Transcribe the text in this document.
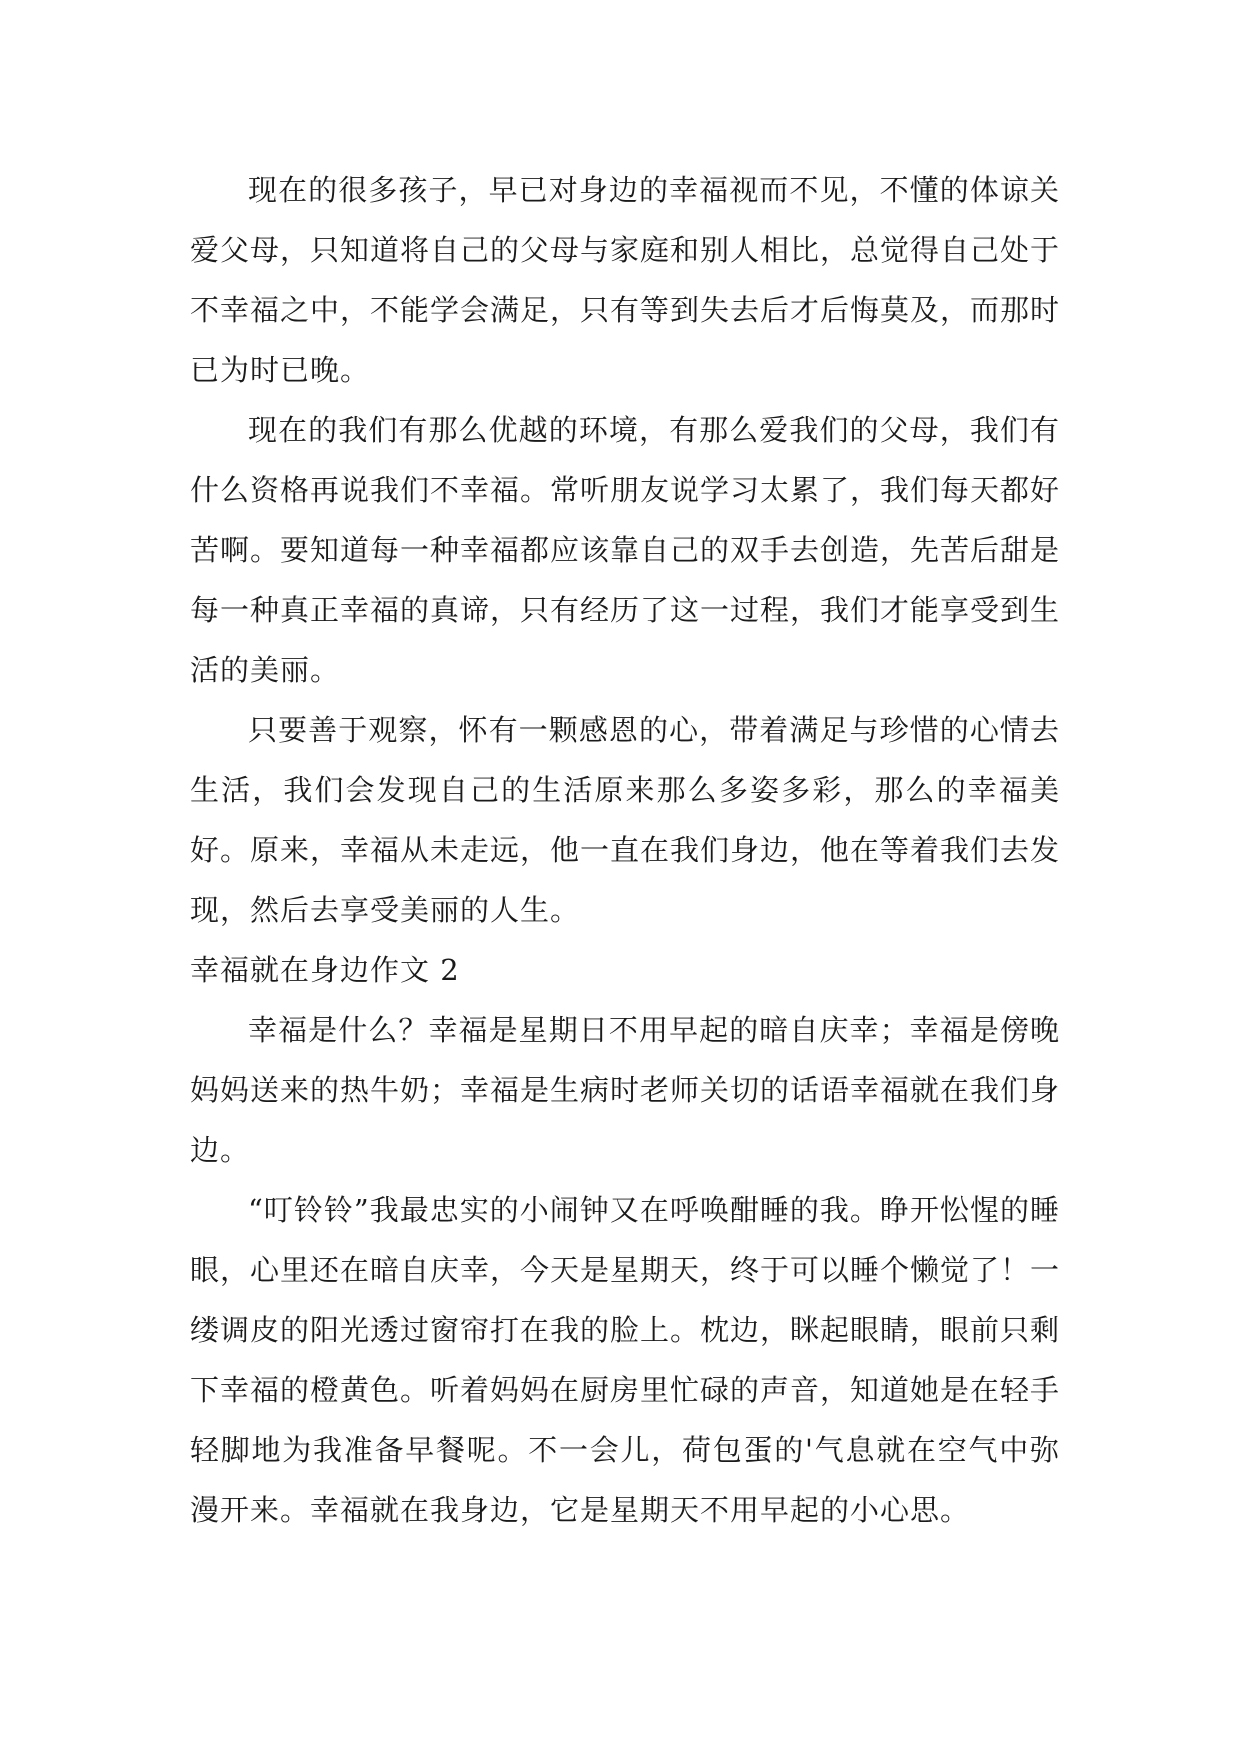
现在的很多孩子，早已对身边的幸福视而不见，不懂的体谅关爱父母，只知道将自己的父母与家庭和别人相比，总觉得自己处于不幸福之中，不能学会满足，只有等到失去后才后悔莫及，而那时已为时已晚。

现在的我们有那么优越的环境，有那么爱我们的父母，我们有什么资格再说我们不幸福。常听朋友说学习太累了，我们每天都好苦啊。要知道每一种幸福都应该靠自己的双手去创造，先苦后甜是每一种真正幸福的真谛，只有经历了这一过程，我们才能享受到生活的美丽。

只要善于观察，怀有一颗感恩的心，带着满足与珍惜的心情去生活，我们会发现自己的生活原来那么多姿多彩，那么的幸福美好。原来，幸福从未走远，他一直在我们身边，他在等着我们去发现，然后去享受美丽的人生。

幸福就在身边作文 2

幸福是什么？幸福是星期日不用早起的暗自庆幸；幸福是傍晚妈妈送来的热牛奶；幸福是生病时老师关切的话语幸福就在我们身边。

“叮铃铃”我最忠实的小闹钟又在呼唤酣睡的我。睁开忪惺的睡眼，心里还在暗自庆幸，今天是星期天，终于可以睡个懒觉了！一缕调皮的阳光透过窗帘打在我的脸上。枕边，眯起眼睛，眼前只剩下幸福的橙黄色。听着妈妈在厨房里忙碌的声音，知道她是在轻手轻脚地为我准备早餐呢。不一会儿，荷包蛋的'气息就在空气中弥漫开来。幸福就在我身边，它是星期天不用早起的小心思。
